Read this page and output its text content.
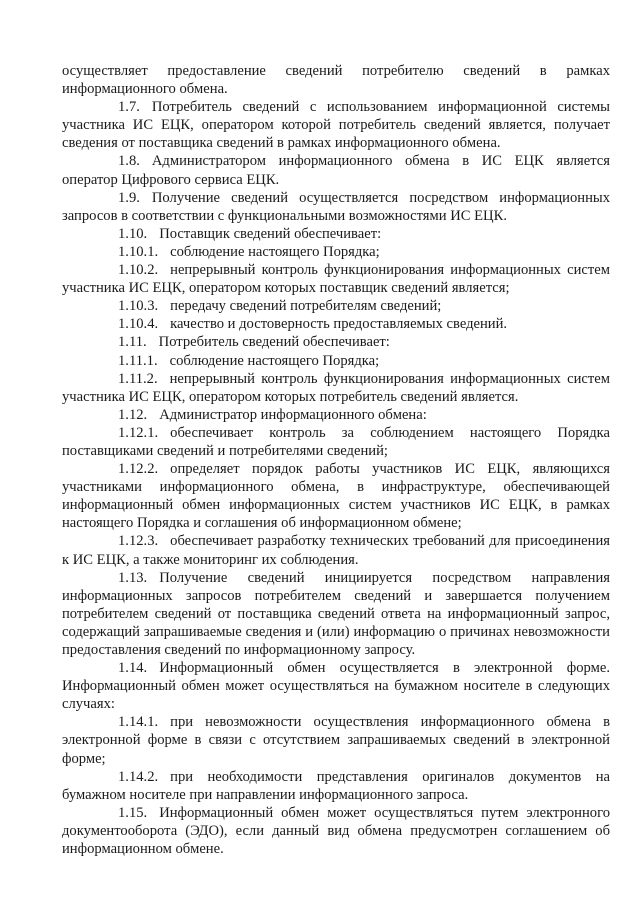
осуществляет предоставление сведений потребителю сведений в рамках информационного обмена.

1.7. Потребитель сведений с использованием информационной системы участника ИС ЕЦК, оператором которой потребитель сведений является, получает сведения от поставщика сведений в рамках информационного обмена.

1.8. Администратором информационного обмена в ИС ЕЦК является оператор Цифрового сервиса ЕЦК.

1.9. Получение сведений осуществляется посредством информационных запросов в соответствии с функциональными возможностями ИС ЕЦК.

1.10. Поставщик сведений обеспечивает:

1.10.1. соблюдение настоящего Порядка;

1.10.2. непрерывный контроль функционирования информационных систем участника ИС ЕЦК, оператором которых поставщик сведений является;

1.10.3. передачу сведений потребителям сведений;

1.10.4. качество и достоверность предоставляемых сведений.

1.11. Потребитель сведений обеспечивает:

1.11.1. соблюдение настоящего Порядка;

1.11.2. непрерывный контроль функционирования информационных систем участника ИС ЕЦК, оператором которых потребитель сведений является.

1.12. Администратор информационного обмена:

1.12.1. обеспечивает контроль за соблюдением настоящего Порядка поставщиками сведений и потребителями сведений;

1.12.2. определяет порядок работы участников ИС ЕЦК, являющихся участниками информационного обмена, в инфраструктуре, обеспечивающей информационный обмен информационных систем участников ИС ЕЦК, в рамках настоящего Порядка и соглашения об информационном обмене;

1.12.3. обеспечивает разработку технических требований для присоединения к ИС ЕЦК, а также мониторинг их соблюдения.

1.13. Получение сведений инициируется посредством направления информационных запросов потребителем сведений и завершается получением потребителем сведений от поставщика сведений ответа на информационный запрос, содержащий запрашиваемые сведения и (или) информацию о причинах невозможности предоставления сведений по информационному запросу.

1.14. Информационный обмен осуществляется в электронной форме. Информационный обмен может осуществляться на бумажном носителе в следующих случаях:

1.14.1. при невозможности осуществления информационного обмена в электронной форме в связи с отсутствием запрашиваемых сведений в электронной форме;

1.14.2. при необходимости представления оригиналов документов на бумажном носителе при направлении информационного запроса.

1.15. Информационный обмен может осуществляться путем электронного документооборота (ЭДО), если данный вид обмена предусмотрен соглашением об информационном обмене.
